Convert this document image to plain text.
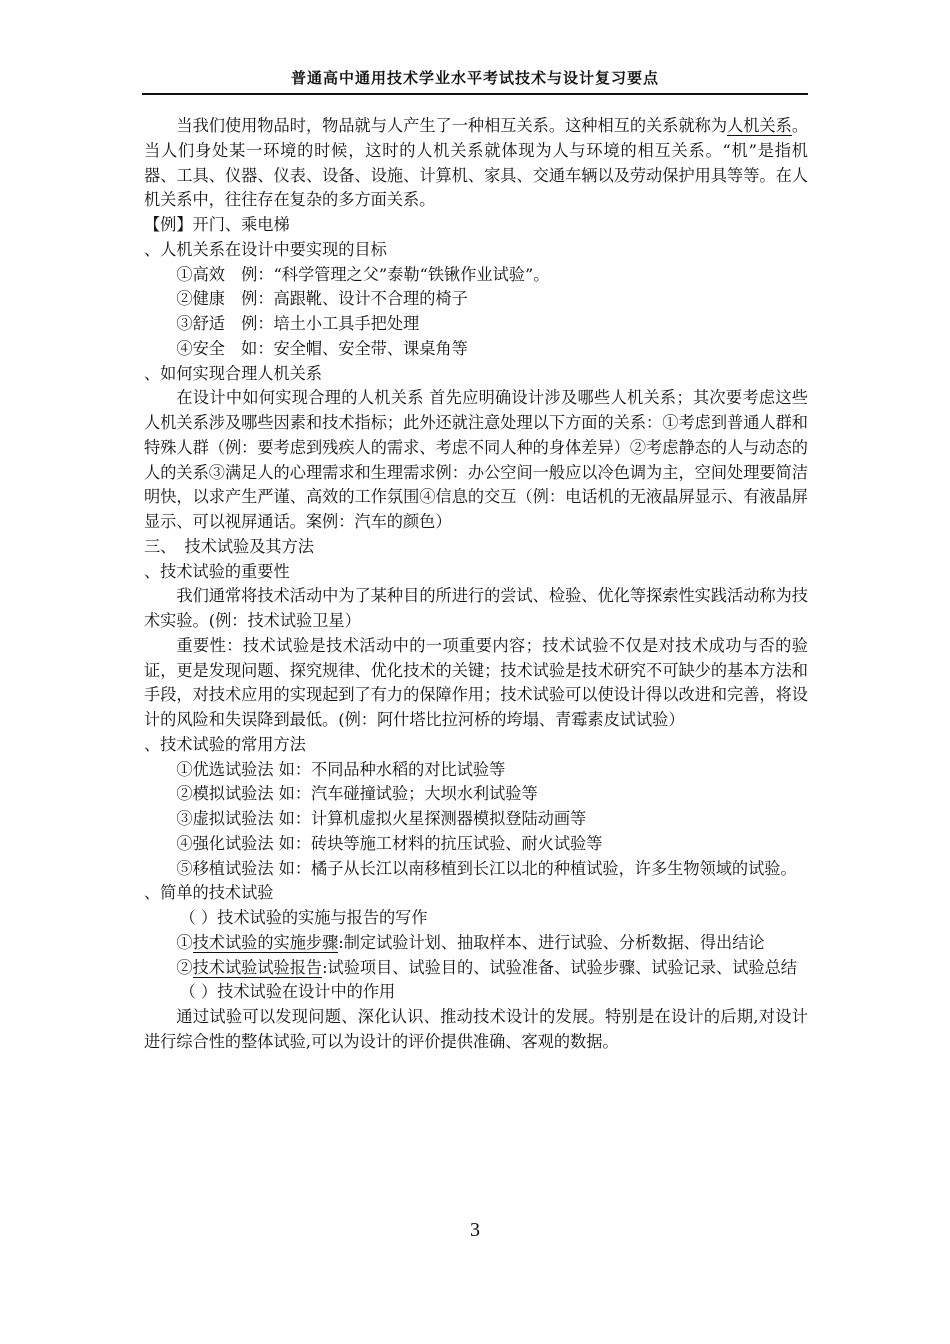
普通高中通用技术学业水平考试技术与设计复习要点

当我们使用物品时，物品就与人产生了一种相互关系。这种相互的关系就称为人机关系。当人们身处某一环境的时候，这时的人机关系就体现为人与环境的相互关系。“机”是指机器、工具、仪器、仪表、设备、设施、计算机、家具、交通车辆以及劳动保护用具等等。在人机关系中，往往存在复杂的多方面关系。

【例】开门、乘电梯

、人机关系在设计中要实现的目标

①高效　例：“科学管理之父”泰勒“铁锹作业试验”。

②健康　例：高跟靴、设计不合理的椅子

③舒适　例：培土小工具手把处理

④安全　如：安全帽、安全带、课桌角等

、如何实现合理人机关系

在设计中如何实现合理的人机关系 首先应明确设计涉及哪些人机关系；其次要考虑这些人机关系涉及哪些因素和技术指标；此外还就注意处理以下方面的关系：①考虑到普通人群和特殊人群（例：要考虑到残疾人的需求、考虑不同人种的身体差异）②考虑静态的人与动态的人的关系③满足人的心理需求和生理需求例：办公空间一般应以冷色调为主，空间处理要简洁明快，以求产生严谨、高效的工作氛围④信息的交互（例：电话机的无液晶屏显示、有液晶屏显示、可以视屏通话。案例：汽车的颜色）

三、　技术试验及其方法

、技术试验的重要性

我们通常将技术活动中为了某种目的所进行的尝试、检验、优化等探索性实践活动称为技术实验。(例：技术试验卫星）

重要性：技术试验是技术活动中的一项重要内容；技术试验不仅是对技术成功与否的验证，更是发现问题、探究规律、优化技术的关键；技术试验是技术研究不可缺少的基本方法和手段，对技术应用的实现起到了有力的保障作用；技术试验可以使设计得以改进和完善，将设计的风险和失误降到最低。(例：阿什塔比拉河桥的垮塌、青霉素皮试试验）

、技术试验的常用方法

①优选试验法 如：不同品种水稻的对比试验等

②模拟试验法 如：汽车碰撞试验；大坝水利试验等

③虚拟试验法 如：计算机虚拟火星探测器模拟登陆动画等

④强化试验法 如：砖块等施工材料的抗压试验、耐火试验等

⑤移植试验法 如：橘子从长江以南移植到长江以北的种植试验，许多生物领域的试验。

、简单的技术试验

（ ）技术试验的实施与报告的写作

①技术试验的实施步骤:制定试验计划、抽取样本、进行试验、分析数据、得出结论

②技术试验试验报告:试验项目、试验目的、试验准备、试验步骤、试验记录、试验总结

（ ）技术试验在设计中的作用

通过试验可以发现问题、深化认识、推动技术设计的发展。特别是在设计的后期,对设计进行综合性的整体试验,可以为设计的评价提供准确、客观的数据。

3
